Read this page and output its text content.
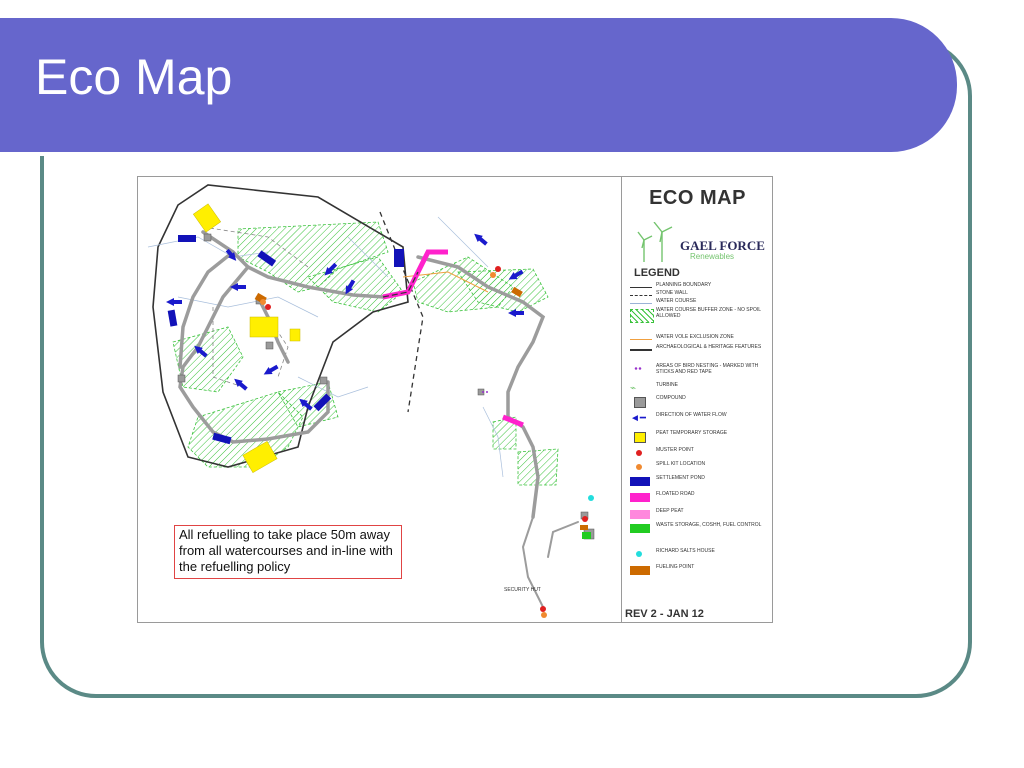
Eco Map
All refuelling to take place 50m away from all watercourses and in-line with the refuelling policy
SECURITY HUT
ECO MAP
GAEL FORCE
Renewables
LEGEND
PLANNING BOUNDARY
STONE WALL
WATER COURSE
WATER COURSE BUFFER ZONE - NO SPOIL ALLOWED
WATER VOLE EXCLUSION ZONE
ARCHAEOLOGICAL & HERITAGE FEATURES
AREAS OF BIRD NESTING - MARKED WITH STICKS AND RED TAPE
⌁	TURBINE
COMPOUND
◄━	DIRECTION OF WATER FLOW
PEAT TEMPORARY STORAGE
MUSTER POINT
SPILL KIT LOCATION
SETTLEMENT POND
FLOATED ROAD
DEEP PEAT
WASTE STORAGE, COSHH, FUEL CONTROL
RICHARD SALTS HOUSE
FUELING POINT
REV 2 - JAN 12
